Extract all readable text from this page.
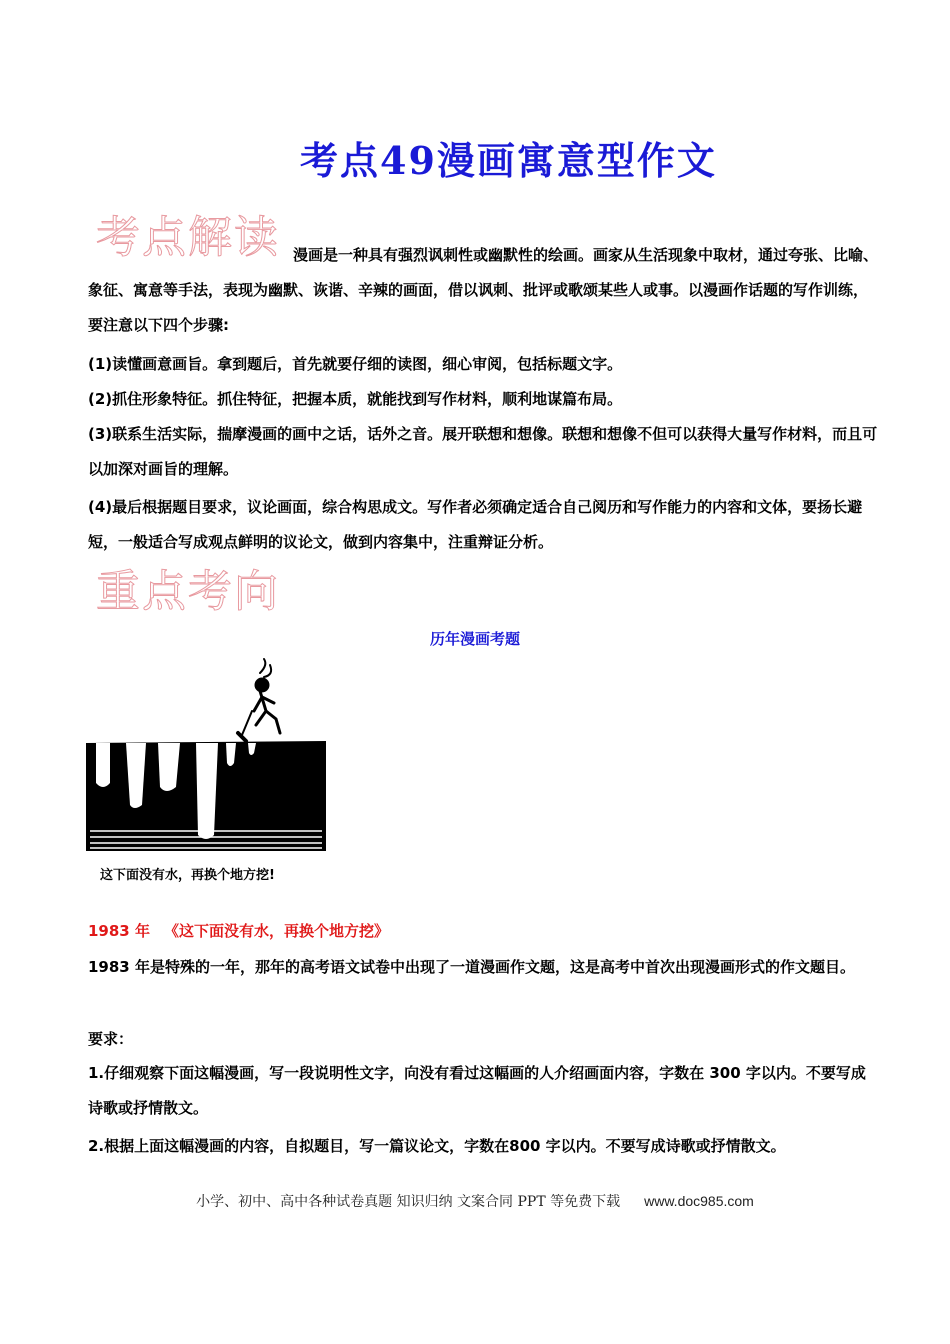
考点49漫画寓意型作文
考点解读 漫画是一种具有强烈讽刺性或幽默性的绘画。画家从生活现象中取材，通过夸张、比喻、象征、寓意等手法，表现为幽默、诙谐、辛辣的画面，借以讽刺、批评或歌颂某些人或事。以漫画作话题的写作训练，要注意以下四个步骤:

(1)读懂画意画旨。拿到题后，首先就要仔细的读图，细心审阅，包括标题文字。

(2)抓住形象特征。抓住特征，把握本质，就能找到写作材料，顺利地谋篇布局。

(3)联系生活实际，揣摩漫画的画中之话，话外之音。展开联想和想像。联想和想像不但可以获得大量写作材料，而且可以加深对画旨的理解。

(4)最后根据题目要求，议论画面，综合构思成文。写作者必须确定适合自己阅历和写作能力的内容和文体，要扬长避短，一般适合写成观点鲜明的议论文，做到内容集中，注重辩证分析。

重点考向
历年漫画考题
这下面没有水，再换个地方挖!
1983 年 《这下面没有水，再换个地方挖》

1983 年是特殊的一年，那年的高考语文试卷中出现了一道漫画作文题，这是高考中首次出现漫画形式的作文题目。

要求：

1.仔细观察下面这幅漫画，写一段说明性文字，向没有看过这幅画的人介绍画面内容，字数在 300 字以内。不要写成诗歌或抒情散文。

2.根据上面这幅漫画的内容，自拟题目，写一篇议论文，字数在800 字以内。不要写成诗歌或抒情散文。

小学、初中、高中各种试卷真题 知识归纳 文案合同 PPT 等免费下载 www.doc985.com
